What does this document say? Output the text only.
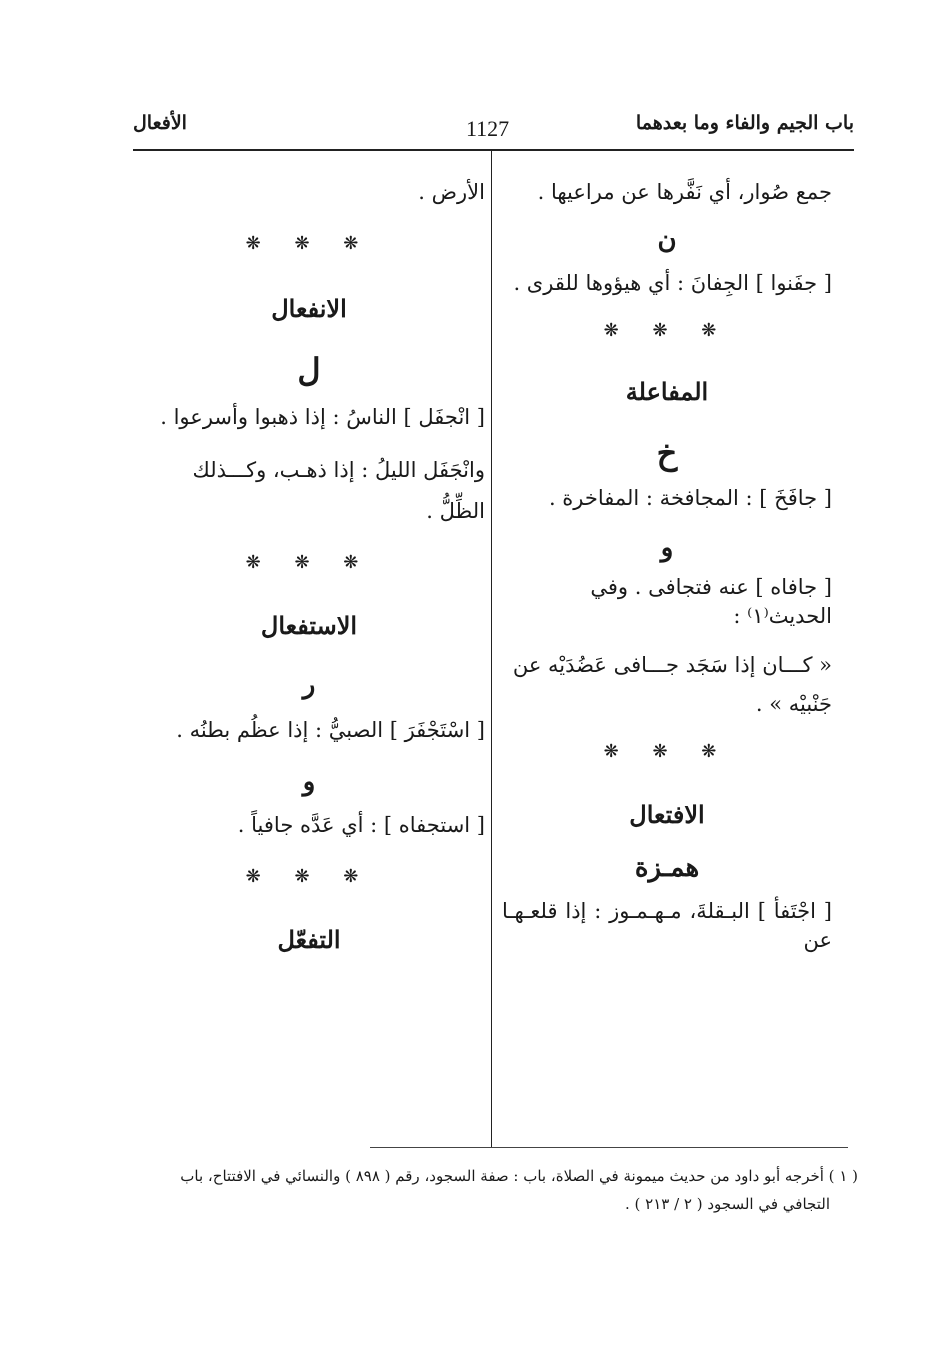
باب الجيم والفاء وما بعدهما
1127
الأفعال

جمع صُوار، أي نَفَّرها عن مراعيها .

ن

[ جفَنوا ] الجِفانَ : أي هيؤوها للقرى .

❋ ❋ ❋

المفاعلة

خ

[ جافَخَ ] : المجافخة : المفاخرة .

و

[ جافاه ] عنه فتجافى . وفي الحديث⁽١⁾ :

« كـــان إذا سَجَد جـــافى عَضُدَيْه عن

جَنْبيْه » .

❋ ❋ ❋

الافتعال

همـزة

[ اجْتَفأ ] البـقلةَ، مـهـمـوز : إذا قلعـهـا عن

الأرض .

❋ ❋ ❋

الانفعال

ل

[ انْجفَل ] الناسُ : إذا ذهبوا وأسرعوا .

وانْجَفَل الليلُ : إذا ذهـب، وكـــذلك

الظِّلُّ .

❋ ❋ ❋

الاستفعال

ر

[ اسْتَجْفَرَ ] الصبيُّ : إذا عظُم بطنُه .

و

[ استجفاه ] : أي عَدَّه جافياً .

❋ ❋ ❋

التفعّل

( ١ ) أخرجه أبو داود من حديث ميمونة في الصلاة، باب : صفة السجود، رقم ( ٨٩٨ ) والنسائي في الافتتاح، باب

التجافي في السجود ( ٢ / ٢١٣ ) .
